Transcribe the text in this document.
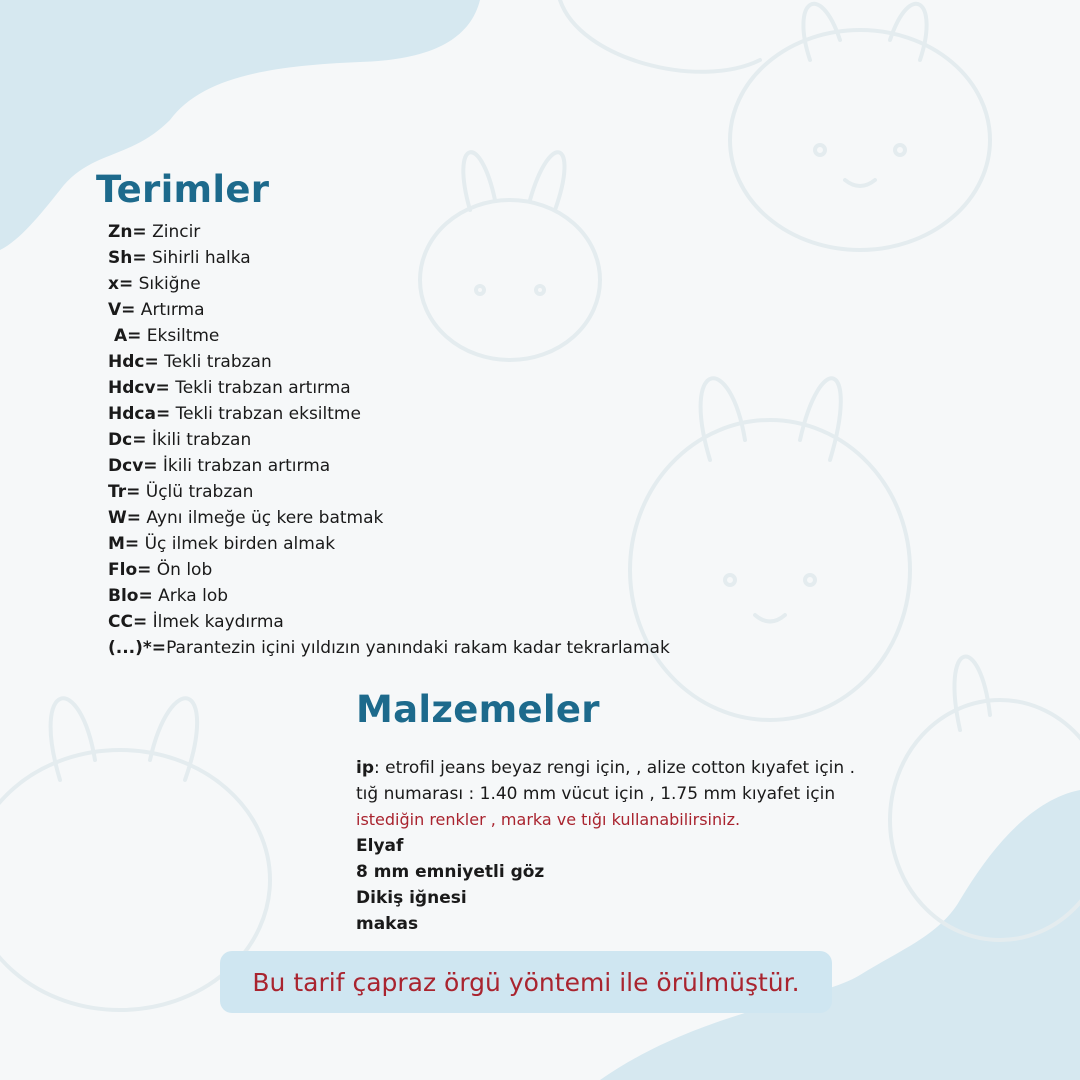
Terimler
Zn= Zincir
Sh= Sihirli halka
x= Sıkiğne
V= Artırma
A= Eksiltme
Hdc= Tekli trabzan
Hdcv= Tekli trabzan artırma
Hdca= Tekli trabzan eksiltme
Dc= İkili trabzan
Dcv= İkili trabzan artırma
Tr= Üçlü trabzan
W= Aynı ilmeğe üç kere batmak
M= Üç ilmek birden almak
Flo= Ön lob
Blo= Arka lob
CC= İlmek kaydırma
(...)*=Parantezin içini yıldızın yanındaki rakam kadar tekrarlamak
Malzemeler
ip: etrofil jeans beyaz rengi için, , alize cotton kıyafet için .
tığ numarası : 1.40 mm vücut için , 1.75 mm kıyafet için
istediğin renkler , marka ve tığı kullanabilirsiniz.
Elyaf
8 mm emniyetli göz
Dikiş iğnesi
makas
Bu tarif çapraz örgü yöntemi ile örülmüştür.
